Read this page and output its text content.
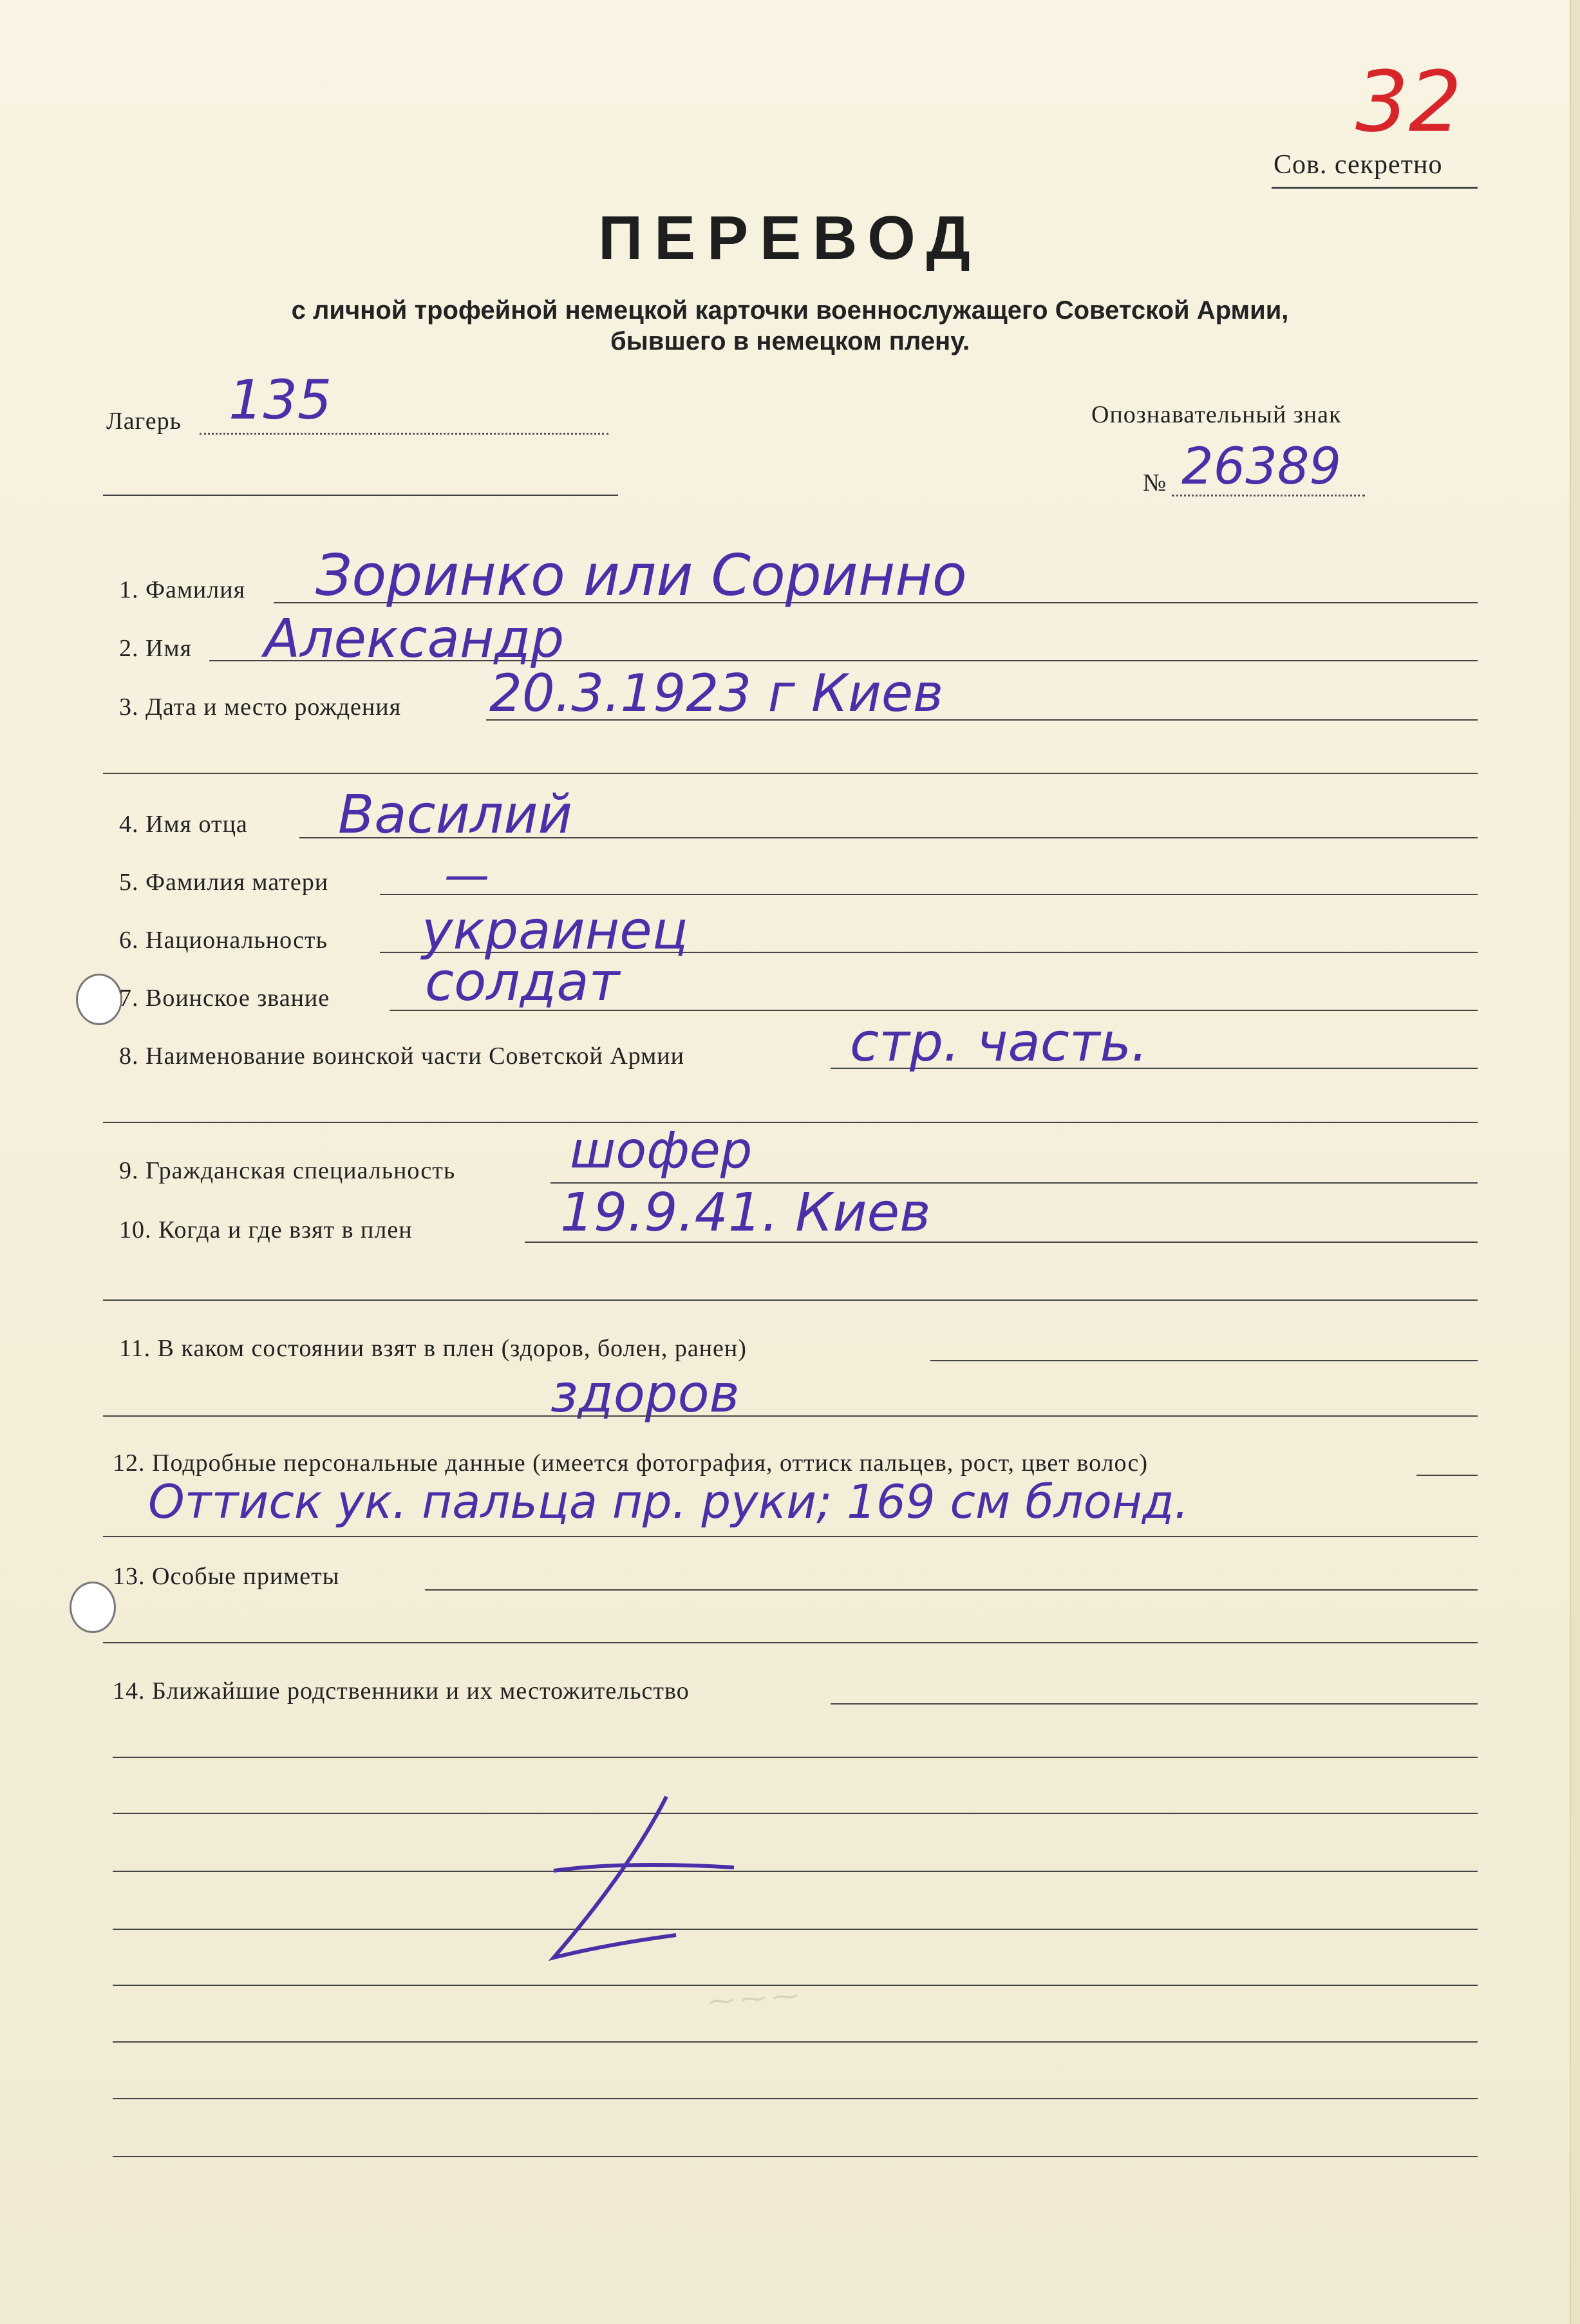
32
Сов. секретно
ПЕРЕВОД
с личной трофейной немецкой карточки военнослужащего Советской Армии,
бывшего в немецком плену.
Лагерь 135	Опознавательный знак
№ 26389
1. Фамилия Зоринко или Соринно
2. Имя Александр
3. Дата и место рождения 20.3.1923 г Киев
4. Имя отца Василий
5. Фамилия матери	—
6. Национальность украинец
7. Воинское звание солдат
8. Наименование воинской части Советской Армии	стр. часть.
9. Гражданская специальность шофер
10. Когда и где взят в плен	19.9.41. Киев
11. В каком состоянии взят в плен (здоров, болен, ранен)
здоров
12. Подробные персональные данные (имеется фотография, оттиск пальцев, рост, цвет волос)
Оттиск ук. пальца пр. руки; 169 см блонд.
13. Особые приметы
14. Ближайшие родственники и их местожительство
⁓ ⁓ ⁓
